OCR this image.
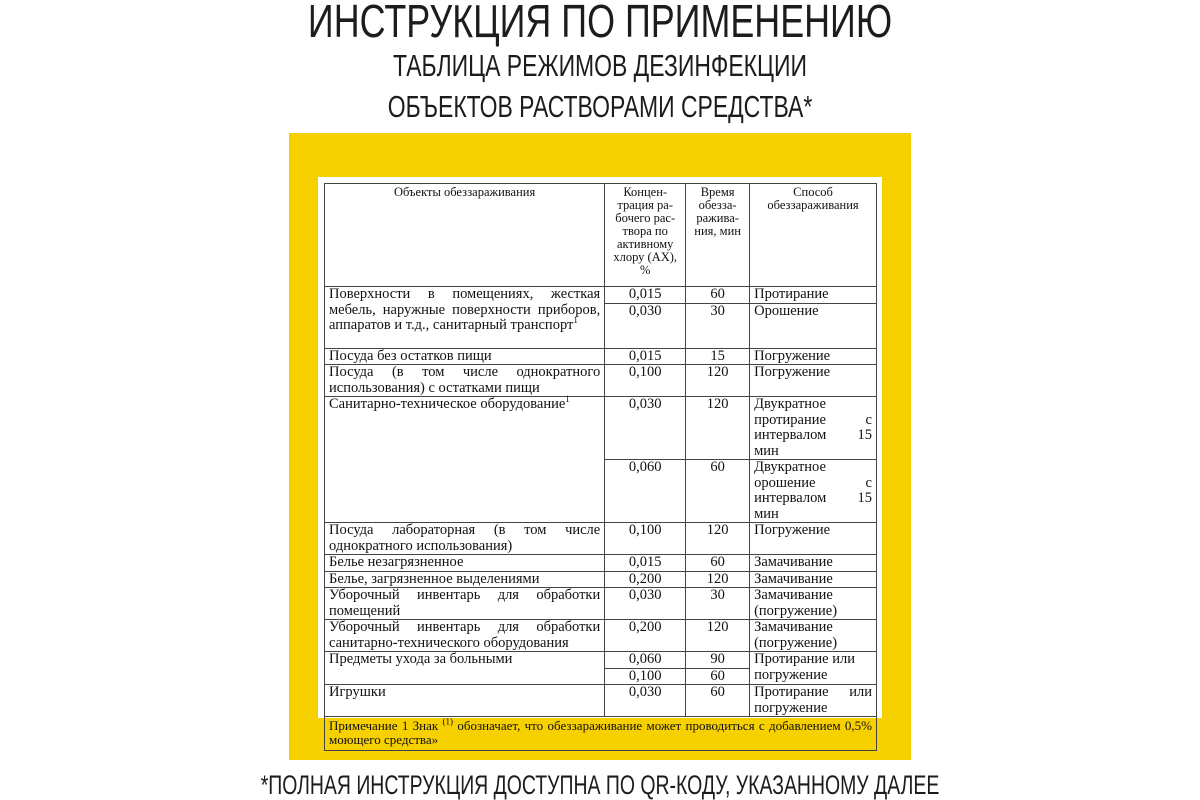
ИНСТРУКЦИЯ ПО ПРИМЕНЕНИЮ
ТАБЛИЦА РЕЖИМОВ ДЕЗИНФЕКЦИИ
ОБЪЕКТОВ РАСТВОРАМИ СРЕДСТВА*
Объекты обеззараживания	Концен-трация ра-бочего рас-твора по активному хлору (АХ), %	Время обезза-ражива-ния, мин	Способ обеззараживания
Поверхности в помещениях, жесткая мебель, наружные поверхности приборов, аппаратов и т.д., санитарный транспорт$^1$	0,015	60	Протирание
	0,030	30	Орошение
Посуда без остатков пищи	0,015	15	Погружение
Посуда (в том числе однократного использования) с остатками пищи	0,100	120	Погружение
Санитарно-техническое оборудование$^1$	0,030	120	Двукратное протирание с интервалом 15 мин
	0,060	60	Двукратное орошение с интервалом 15 мин
Посуда лабораторная (в том числе однократного использования)	0,100	120	Погружение
Белье незагрязненное	0,015	60	Замачивание
Белье, загрязненное выделениями	0,200	120	Замачивание
Уборочный инвентарь для обработки помещений	0,030	30	Замачивание (погружение)
Уборочный инвентарь для обработки санитарно-технического оборудования	0,200	120	Замачивание (погружение)
Предметы ухода за больными	0,060	90	Протирание или погружение
	0,100	60	
Игрушки	0,030	60	Протирание или погружение
Примечание 1 Знак $^{(1)}$ обозначает, что обеззараживание может проводиться с добавлением 0,5% моющего средства»			
*ПОЛНАЯ ИНСТРУКЦИЯ ДОСТУПНА ПО QR-КОДУ, УКАЗАННОМУ ДАЛЕЕ
